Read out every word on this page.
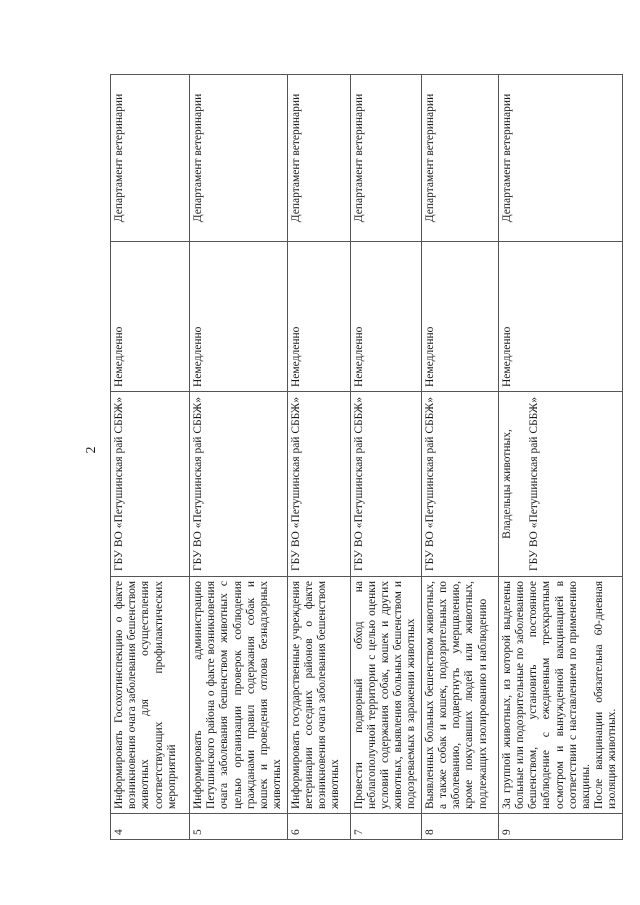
2
4	Информировать Госохотинспекцию о факте возникновения очага заболевания бешенством животных для осуществления соответствующих профилактических мероприятий	ГБУ ВО «Петушинская рай СББЖ»	Немедленно	Департамент ветеринарии
5	Информировать администрацию Петушинского района о факте возникновения очага заболевания бешенством животных с целью организации проверок соблюдения гражданами правил содержания собак и кошек и проведения отлова безнадзорных животных	ГБУ ВО «Петушинская рай СББЖ»	Немедленно	Департамент ветеринарии
6	Информировать государственные учреждения ветеринарии соседних районов о факте возникновения очага заболевания бешенством животных	ГБУ ВО «Петушинская рай СББЖ»	Немедленно	Департамент ветеринарии
7	Провести подворный обход на неблагополучной территории с целью оценки условий содержания собак, кошек и других животных, выявления больных бешенством и подозреваемых в заражении животных	ГБУ ВО «Петушинская рай СББЖ»	Немедленно	Департамент ветеринарии
8	Выявленных больных бешенством животных, а также собак и кошек, подозрительных по заболеванию, подвергнуть умерщвлению, кроме покусавших людей или животных, подлежащих изолированию и наблюдению	ГБУ ВО «Петушинская рай СББЖ»	Немедленно	Департамент ветеринарии
9	За группой животных, из которой выделены больные или подозрительные по заболеванию бешенством, установить постоянное наблюдение с ежедневным трехкратным осмотром и вынужденной вакцинацией в соответствии с наставлением по применению вакцины.
После вакцинации обязательна 60-дневная изоляция животных.	Владельцы животных, ГБУ ВО «Петушинская рай СББЖ»	Немедленно	Департамент ветеринарии
